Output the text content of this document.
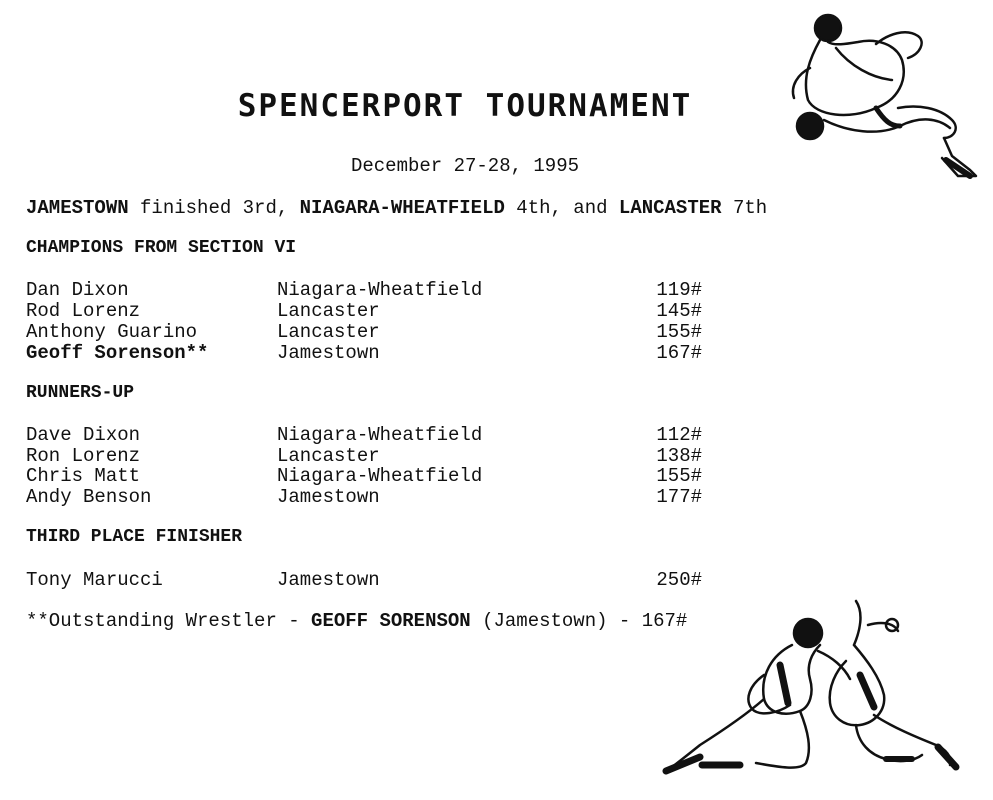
SPENCERPORT TOURNAMENT
December 27-28, 1995
JAMESTOWN finished 3rd, NIAGARA-WHEATFIELD 4th, and LANCASTER 7th
CHAMPIONS FROM SECTION VI
Dan Dixon	Niagara-Wheatfield	119#
Rod Lorenz	Lancaster	145#
Anthony Guarino	Lancaster	155#
Geoff Sorenson**	Jamestown	167#
RUNNERS-UP
Dave Dixon	Niagara-Wheatfield	112#
Ron Lorenz	Lancaster	138#
Chris Matt	Niagara-Wheatfield	155#
Andy Benson	Jamestown	177#
THIRD PLACE FINISHER
Tony Marucci	Jamestown	250#
**Outstanding Wrestler - GEOFF SORENSON (Jamestown) - 167#
